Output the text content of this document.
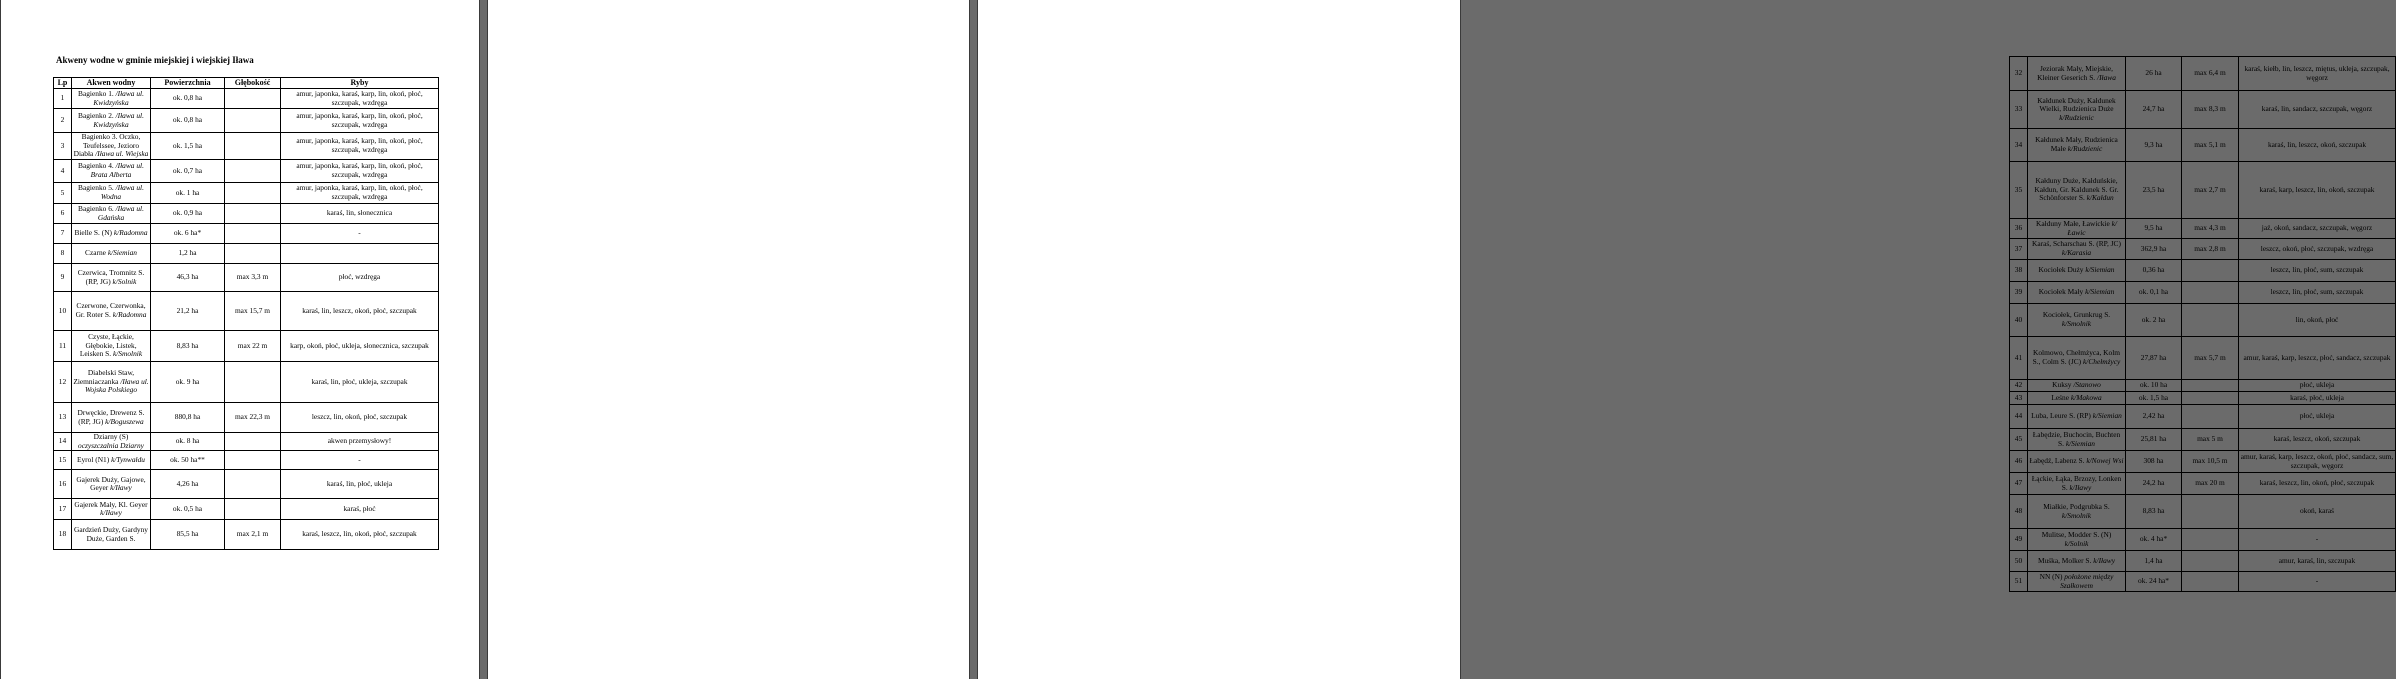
Akweny wodne w gminie miejskiej i wiejskiej Iława
Lp	Akwen wodny	Powierzchnia	Głębokość	Ryby
1	Bagienko 1. /Iława ul. Kwidzyńska	ok. 0,8 ha		amur, japonka, karaś, karp, lin, okoń, płoć, szczupak, wzdręga
2	Bagienko 2. /Iława ul. Kwidzyńska	ok. 0,8 ha		amur, japonka, karaś, karp, lin, okoń, płoć, szczupak, wzdręga
3	Bagienko 3. Oczko, Teufelssee, Jezioro Diabła /Iława ul. Wiejska	ok. 1,5 ha		amur, japonka, karaś, karp, lin, okoń, płoć, szczupak, wzdręga
4	Bagienko 4. /Iława ul. Brata Alberta	ok. 0,7 ha		amur, japonka, karaś, karp, lin, okoń, płoć, szczupak, wzdręga
5	Bagienko 5. /Iława ul. Wodna	ok. 1 ha		amur, japonka, karaś, karp, lin, okoń, płoć, szczupak, wzdręga
6	Bagienko 6. /Iława ul. Gdańska	ok. 0,9 ha		karaś, lin, słonecznica
7	Bielle S. (N) k/Radomna	ok. 6 ha*		-
8	Czarne k/Siemian	1,2 ha		
9	Czerwica, Tromnitz S. (RP, JG) k/Solnik	46,3 ha	max 3,3 m	płoć, wzdręga
10	Czerwone, Czerwonka, Gr. Roter S. k/Radomna	21,2 ha	max 15,7 m	karaś, lin, leszcz, okoń, płoć, szczupak
11	Czyste, Łąckie, Głębokie, Listek, Leisken S. k/Smolnik	8,83 ha	max 22 m	karp, okoń, płoć, ukleja, słonecznica, szczupak
12	Diabelski Staw, Ziemniaczanka /Iława ul. Wojska Polskiego	ok. 9 ha		karaś, lin, płoć, ukleja, szczupak
13	Drwęckie, Drewenz S. (RP, JG) k/Boguszewa	880,8 ha	max 22,3 m	leszcz, lin, okoń, płoć, szczupak
14	Dziarny (S) oczyszczalnia Dziarny	ok. 8 ha		akwen przemysłowy!
15	Eyrol (N1) k/Tynwałdu	ok. 50 ha**		-
16	Gajerek Duży, Gajowe, Geyer k/Iławy	4,26 ha		karaś, lin, płoć, ukleja
17	Gajerek Mały, Kl. Geyer k/Iławy	ok. 0,5 ha		karaś, płoć
18	Gardzień Duży, Gardyny Duże, Garden S.	85,5 ha	max 2,1 m	karaś, leszcz, lin, okoń, płoć, szczupak

32	Jeziorak Mały, Miejskie, Kleiner Geserich S. /Iława	26 ha	max 6,4 m	karaś, kiełb, lin, leszcz, miętus, ukleja, szczupak, węgorz
33	Kałdunek Duży, Kałdunek Wielki, Rudzienica Duże k/Rudzienic	24,7 ha	max 8,3 m	karaś, lin, sandacz, szczupak, węgorz
34	Kałdunek Mały, Rudzienica Małe k/Rudzienic	9,3 ha	max 5,1 m	karaś, lin, leszcz, okoń, szczupak
35	Kałduny Duże, Kałduńskie, Kałdun, Gr. Kaldunek S. Gr. Schönforster S. k/Kałdun	23,5 ha	max 2,7 m	karaś, karp, leszcz, lin, okoń, szczupak
36	Kałduny Małe, Ławickie k/Ławic	9,5 ha	max 4,3 m	jaź, okoń, sandacz, szczupak, węgorz
37	Karaś, Scharschau S. (RP, JC) k/Karasia	362,9 ha	max 2,8 m	leszcz, okoń, płoć, szczupak, wzdręga
38	Kociołek Duży k/Siemian	0,36 ha		leszcz, lin, płoć, sum, szczupak
39	Kociołek Mały k/Siemian	ok. 0,1 ha		leszcz, lin, płoć, sum, szczupak
40	Kociołek, Grunkrug S. k/Smolnik	ok. 2 ha		lin, okoń, płoć
41	Kolmowo, Chełmżyca, Kolm S., Colm S. (JC) k/Chełmżycy	27,87 ha	max 5,7 m	amur, karaś, karp, leszcz, płoć, sandacz, szczupak
42	Kuksy /Stanowo	ok. 10 ha		płoć, ukleja
43	Leśne k/Makowa	ok. 1,5 ha		karaś, płoć, ukleja
44	Luba, Leure S. (RP) k/Siemian	2,42 ha		płoć, ukleja
45	Łabędzie, Buchocin, Buchten S. k/Siemian	25,81 ha	max 5 m	karaś, leszcz, okoń, szczupak
46	Łabędź, Labenz S. k/Nowej Wsi	308 ha	max 10,5 m	amur, karaś, karp, leszcz, okoń, płoć, sandacz, sum, szczupak, węgorz
47	Łąckie, Łąka, Brzozy, Lonken S. k/Iławy	24,2 ha	max 20 m	karaś, leszcz, lin, okoń, płoć, szczupak
48	Miałkie, Podgrubka S. k/Smolnik	8,83 ha		okoń, karaś
49	Mulitse, Modder S. (N) k/Solnik	ok. 4 ha*		-
50	Muśka, Molker S. k/Iławy	1,4 ha		amur, karaś, lin, szczupak
51	NN (N) położone między Szałkowem	ok. 24 ha*		-
